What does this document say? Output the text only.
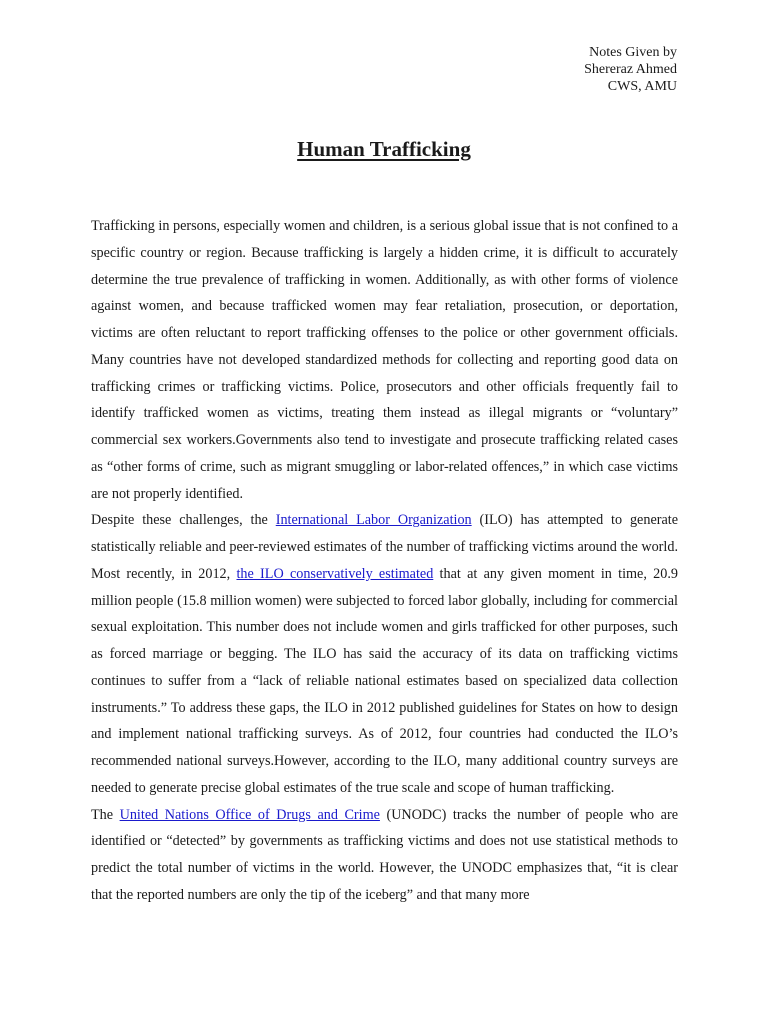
Notes Given by
Shereraz Ahmed
CWS, AMU
Human Trafficking

Trafficking in persons, especially women and children, is a serious global issue that is not confined to a specific country or region. Because trafficking is largely a hidden crime, it is difficult to accurately determine the true prevalence of trafficking in women. Additionally, as with other forms of violence against women, and because trafficked women may fear retaliation, prosecution, or deportation, victims are often reluctant to report trafficking offenses to the police or other government officials. Many countries have not developed standardized methods for collecting and reporting good data on trafficking crimes or trafficking victims. Police, prosecutors and other officials frequently fail to identify trafficked women as victims, treating them instead as illegal migrants or “voluntary” commercial sex workers.Governments also tend to investigate and prosecute trafficking related cases as “other forms of crime, such as migrant smuggling or labor-related offences,” in which case victims are not properly identified.

Despite these challenges, the International Labor Organization (ILO) has attempted to generate statistically reliable and peer-reviewed estimates of the number of trafficking victims around the world. Most recently, in 2012, the ILO conservatively estimated that at any given moment in time, 20.9 million people (15.8 million women) were subjected to forced labor globally, including for commercial sexual exploitation. This number does not include women and girls trafficked for other purposes, such as forced marriage or begging. The ILO has said the accuracy of its data on trafficking victims continues to suffer from a “lack of reliable national estimates based on specialized data collection instruments.” To address these gaps, the ILO in 2012 published guidelines for States on how to design and implement national trafficking surveys. As of 2012, four countries had conducted the ILO’s recommended national surveys.However, according to the ILO, many additional country surveys are needed to generate precise global estimates of the true scale and scope of human trafficking.

The United Nations Office of Drugs and Crime (UNODC) tracks the number of people who are identified or “detected” by governments as trafficking victims and does not use statistical methods to predict the total number of victims in the world. However, the UNODC emphasizes that, “it is clear that the reported numbers are only the tip of the iceberg” and that many more
